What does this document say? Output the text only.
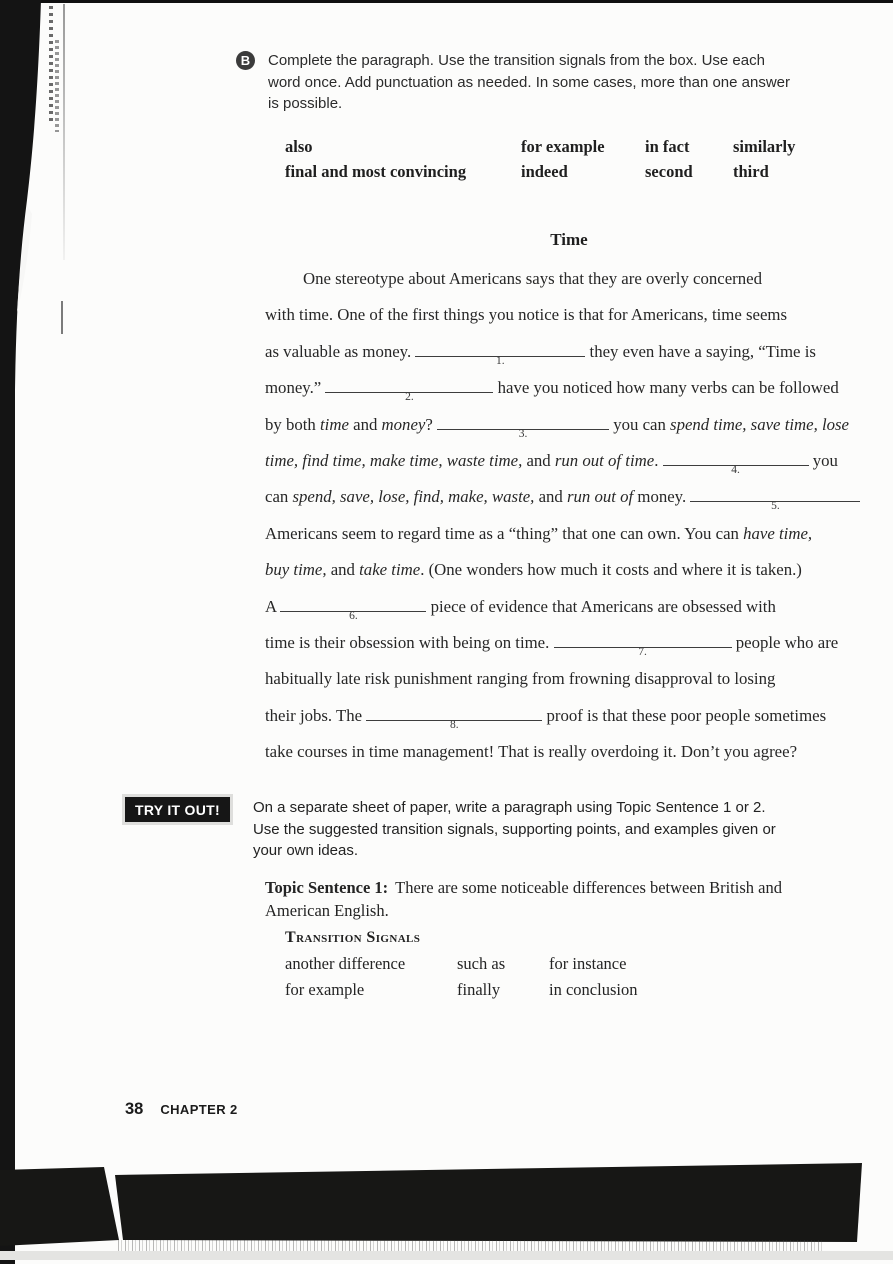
B	Complete the paragraph. Use the transition signals from the box. Use each
word once. Add punctuation as needed. In some cases, more than one answer
is possible.
also	for example	in fact	similarly
final and most convincing	indeed	second	third
Time
One stereotype about Americans says that they are overly concerned
with time. One of the first things you notice is that for Americans, time seems
as valuable as money.	1.	they even have a saying, “Time is
money.”	2.	have you noticed how many verbs can be followed
by both time and money?	3.	you can spend time, save time, lose
time, find time, make time, waste time, and run out of time.	4.	you
can spend, save, lose, find, make, waste, and run out of money.	5.
Americans seem to regard time as a “thing” that one can own. You can have time,
buy time, and take time. (One wonders how much it costs and where it is taken.)
A	6.	piece of evidence that Americans are obsessed with
time is their obsession with being on time.	7.	people who are
habitually late risk punishment ranging from frowning disapproval to losing
their jobs. The	8.	proof is that these poor people sometimes
take courses in time management! That is really overdoing it. Don’t you agree?
TRY IT OUT!	On a separate sheet of paper, write a paragraph using Topic Sentence 1 or 2.
Use the suggested transition signals, supporting points, and examples given or
your own ideas.
Topic Sentence 1: There are some noticeable differences between British and
American English.
Transition Signals
another difference	such as	for instance
for example	finally	in conclusion
38 CHAPTER 2
